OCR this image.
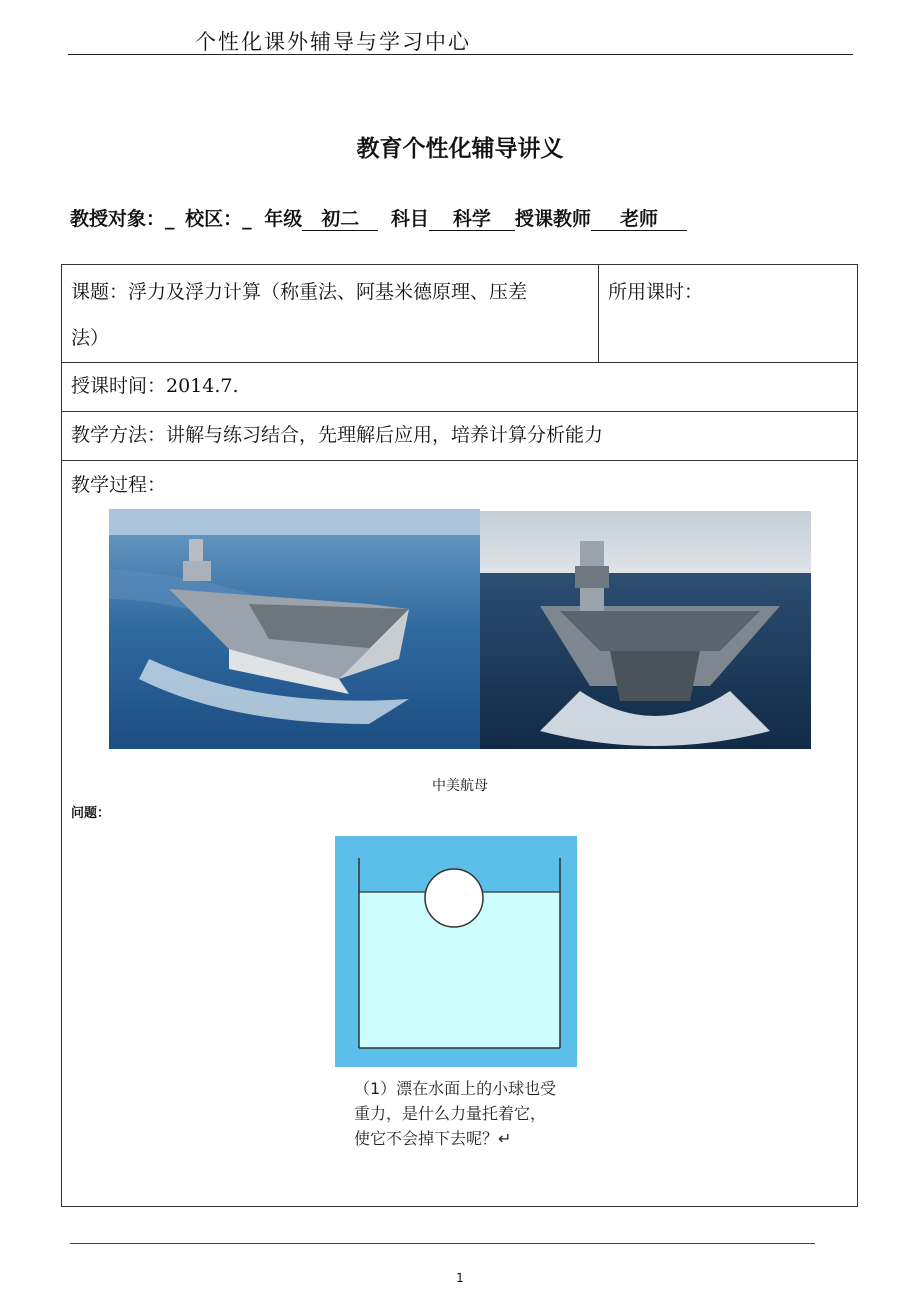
个性化课外辅导与学习中心
教育个性化辅导讲义
教授对象：_ 校区：_ 年级 初二 科目 科学 授课教师 老师
课题：浮力及浮力计算（称重法、阿基米德原理、压差
法）
所用课时：
授课时间：2014.7.
教学方法：讲解与练习结合，先理解后应用，培养计算分析能力
教学过程：
中美航母
问题：
（1）漂在水面上的小球也受
重力，是什么力量托着它，
使它不会掉下去呢？↵
1
